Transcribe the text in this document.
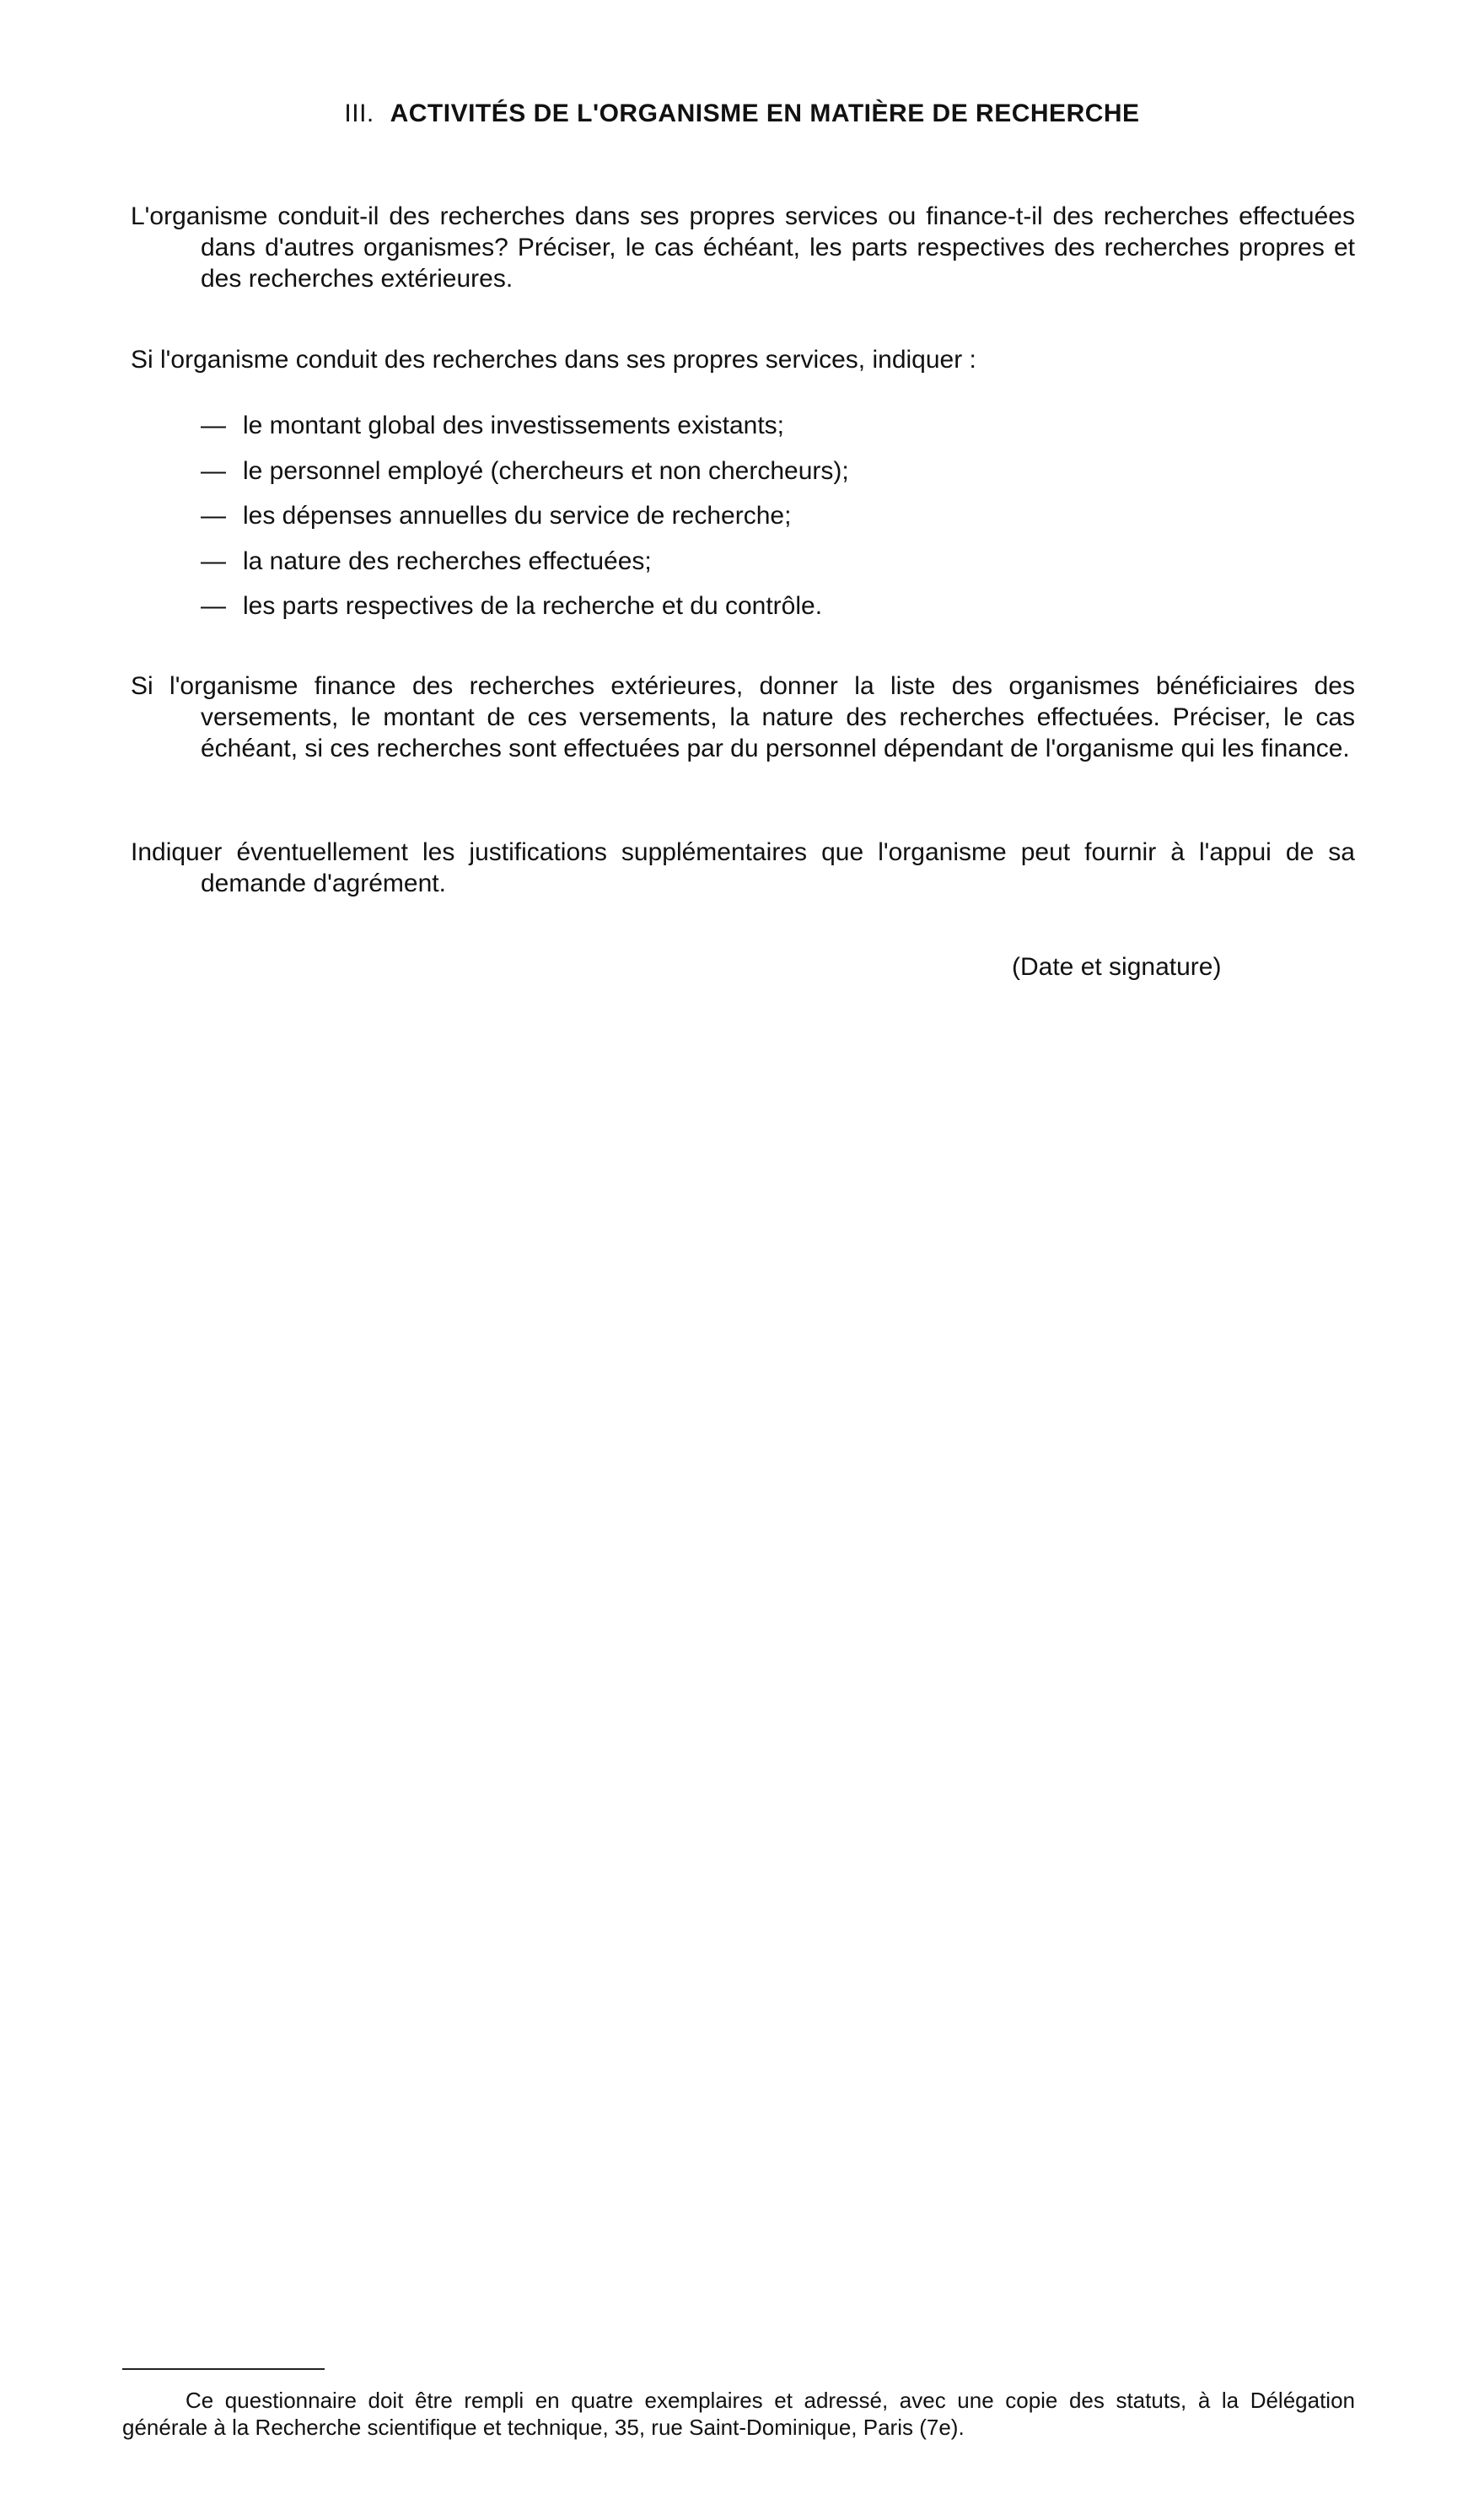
III. ACTIVITÉS DE L'ORGANISME EN MATIÈRE DE RECHERCHE

L'organisme conduit-il des recherches dans ses propres services ou finance-t-il des recherches effectuées dans d'autres organismes? Préciser, le cas échéant, les parts respectives des recherches propres et des recherches extérieures.

Si l'organisme conduit des recherches dans ses propres services, indiquer :

— le montant global des investissements existants;
— le personnel employé (chercheurs et non chercheurs);
— les dépenses annuelles du service de recherche;
— la nature des recherches effectuées;
— les parts respectives de la recherche et du contrôle.

Si l'organisme finance des recherches extérieures, donner la liste des organismes bénéficiaires des versements, le montant de ces versements, la nature des recherches effectuées. Préciser, le cas échéant, si ces recherches sont effectuées par du personnel dépendant de l'organisme qui les finance.

Indiquer éventuellement les justifications supplémentaires que l'organisme peut fournir à l'appui de sa demande d'agrément.

(Date et signature)

Ce questionnaire doit être rempli en quatre exemplaires et adressé, avec une copie des statuts, à la Délégation générale à la Recherche scientifique et technique, 35, rue Saint-Dominique, Paris (7e).
